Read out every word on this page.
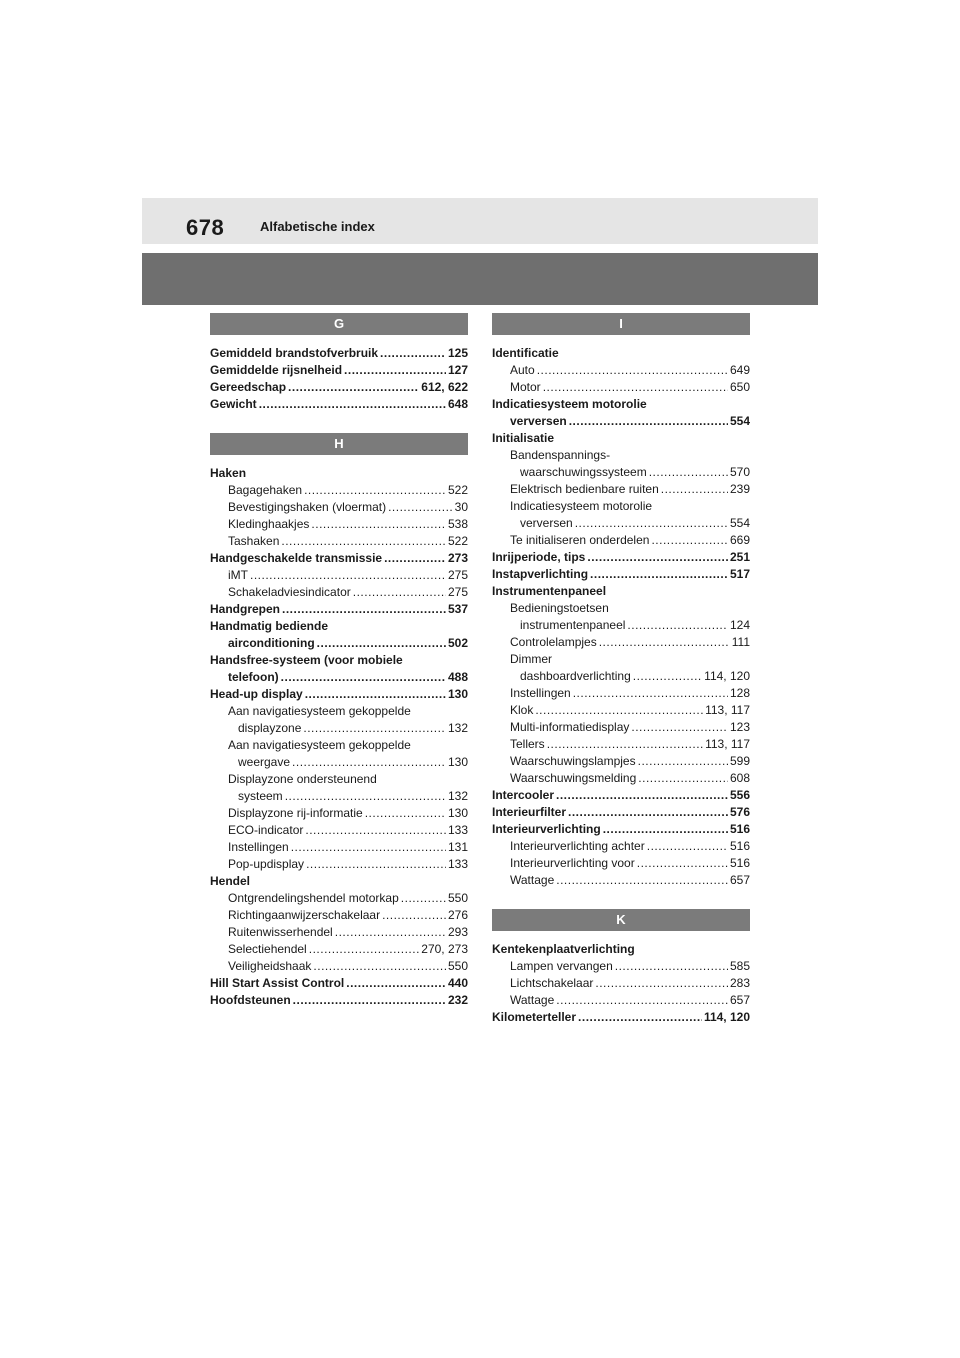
678	Alfabetische index
G
Gemiddeld brandstofverbruik .....	125
Gemiddelde rijsnelheid .....	127
Gereedschap .....	612, 622
Gewicht .....	648
H
Haken
Bagagehaken .....	522
Bevestigingshaken (vloermat) .....	30
Kledinghaakjes .....	538
Tashaken .....	522
Handgeschakelde transmissie .....	273
iMT .....	275
Schakeladviesindicator .....	275
Handgrepen .....	537
Handmatig bediende
airconditioning .....	502
Handsfree-systeem (voor mobiele
telefoon) .....	488
Head-up display .....	130
Aan navigatiesysteem gekoppelde
displayzone .....	132
Aan navigatiesysteem gekoppelde
weergave .....	130
Displayzone ondersteunend
systeem .....	132
Displayzone rij-informatie .....	130
ECO-indicator .....	133
Instellingen .....	131
Pop-updisplay .....	133
Hendel
Ontgrendelingshendel motorkap .....	550
Richtingaanwijzerschakelaar .....	276
Ruitenwisserhendel .....	293
Selectiehendel .....	270, 273
Veiligheidshaak .....	550
Hill Start Assist Control .....	440
Hoofdsteunen .....	232
I
Identificatie
Auto .....	649
Motor .....	650
Indicatiesysteem motorolie
verversen .....	554
Initialisatie
Bandenspannings-
waarschuwingssysteem .....	570
Elektrisch bedienbare ruiten .....	239
Indicatiesysteem motorolie
verversen .....	554
Te initialiseren onderdelen .....	669
Inrijperiode, tips .....	251
Instapverlichting .....	517
Instrumentenpaneel
Bedieningstoetsen
instrumentenpaneel .....	124
Controlelampjes .....	111
Dimmer
dashboardverlichting .....	114, 120
Instellingen .....	128
Klok .....	113, 117
Multi-informatiedisplay .....	123
Tellers .....	113, 117
Waarschuwingslampjes .....	599
Waarschuwingsmelding .....	608
Intercooler .....	556
Interieurfilter .....	576
Interieurverlichting .....	516
Interieurverlichting achter .....	516
Interieurverlichting voor .....	516
Wattage .....	657
K
Kentekenplaatverlichting
Lampen vervangen .....	585
Lichtschakelaar .....	283
Wattage .....	657
Kilometerteller .....	114, 120
